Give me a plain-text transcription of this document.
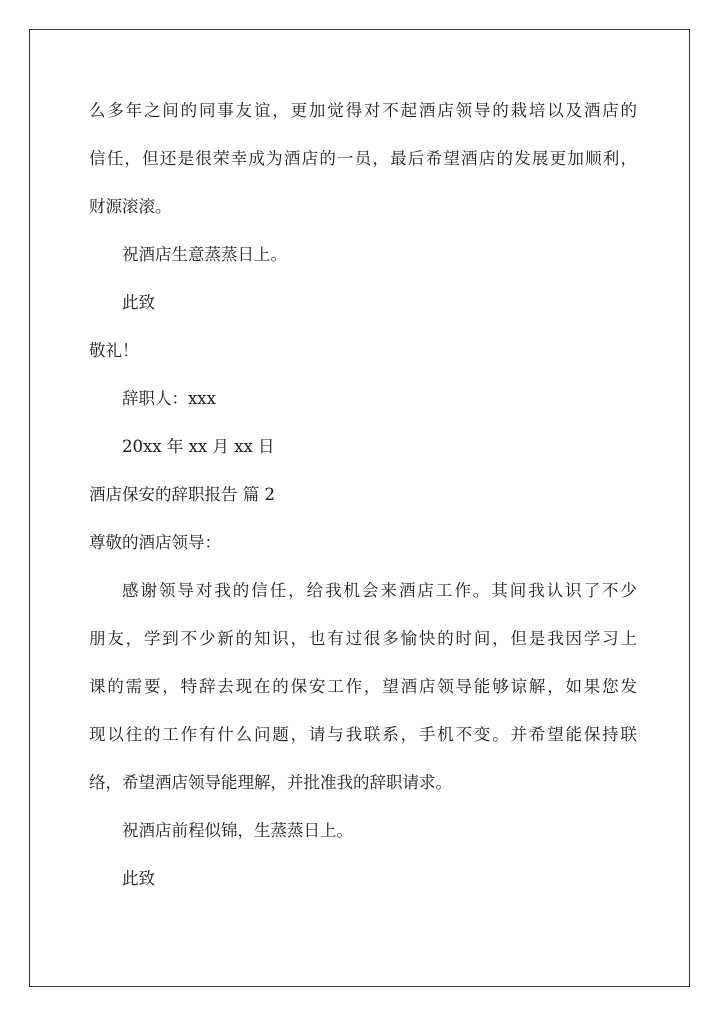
么多年之间的同事友谊，更加觉得对不起酒店领导的栽培以及酒店的
信任，但还是很荣幸成为酒店的一员，最后希望酒店的发展更加顺利，
财源滚滚。
祝酒店生意蒸蒸日上。
此致
敬礼！
辞职人：xxx
20xx 年 xx 月 xx 日
酒店保安的辞职报告 篇 2
尊敬的酒店领导：
感谢领导对我的信任，给我机会来酒店工作。其间我认识了不少
朋友，学到不少新的知识，也有过很多愉快的时间，但是我因学习上
课的需要，特辞去现在的保安工作，望酒店领导能够谅解，如果您发
现以往的工作有什么问题，请与我联系，手机不变。并希望能保持联
络，希望酒店领导能理解，并批准我的辞职请求。
祝酒店前程似锦，生蒸蒸日上。
此致
